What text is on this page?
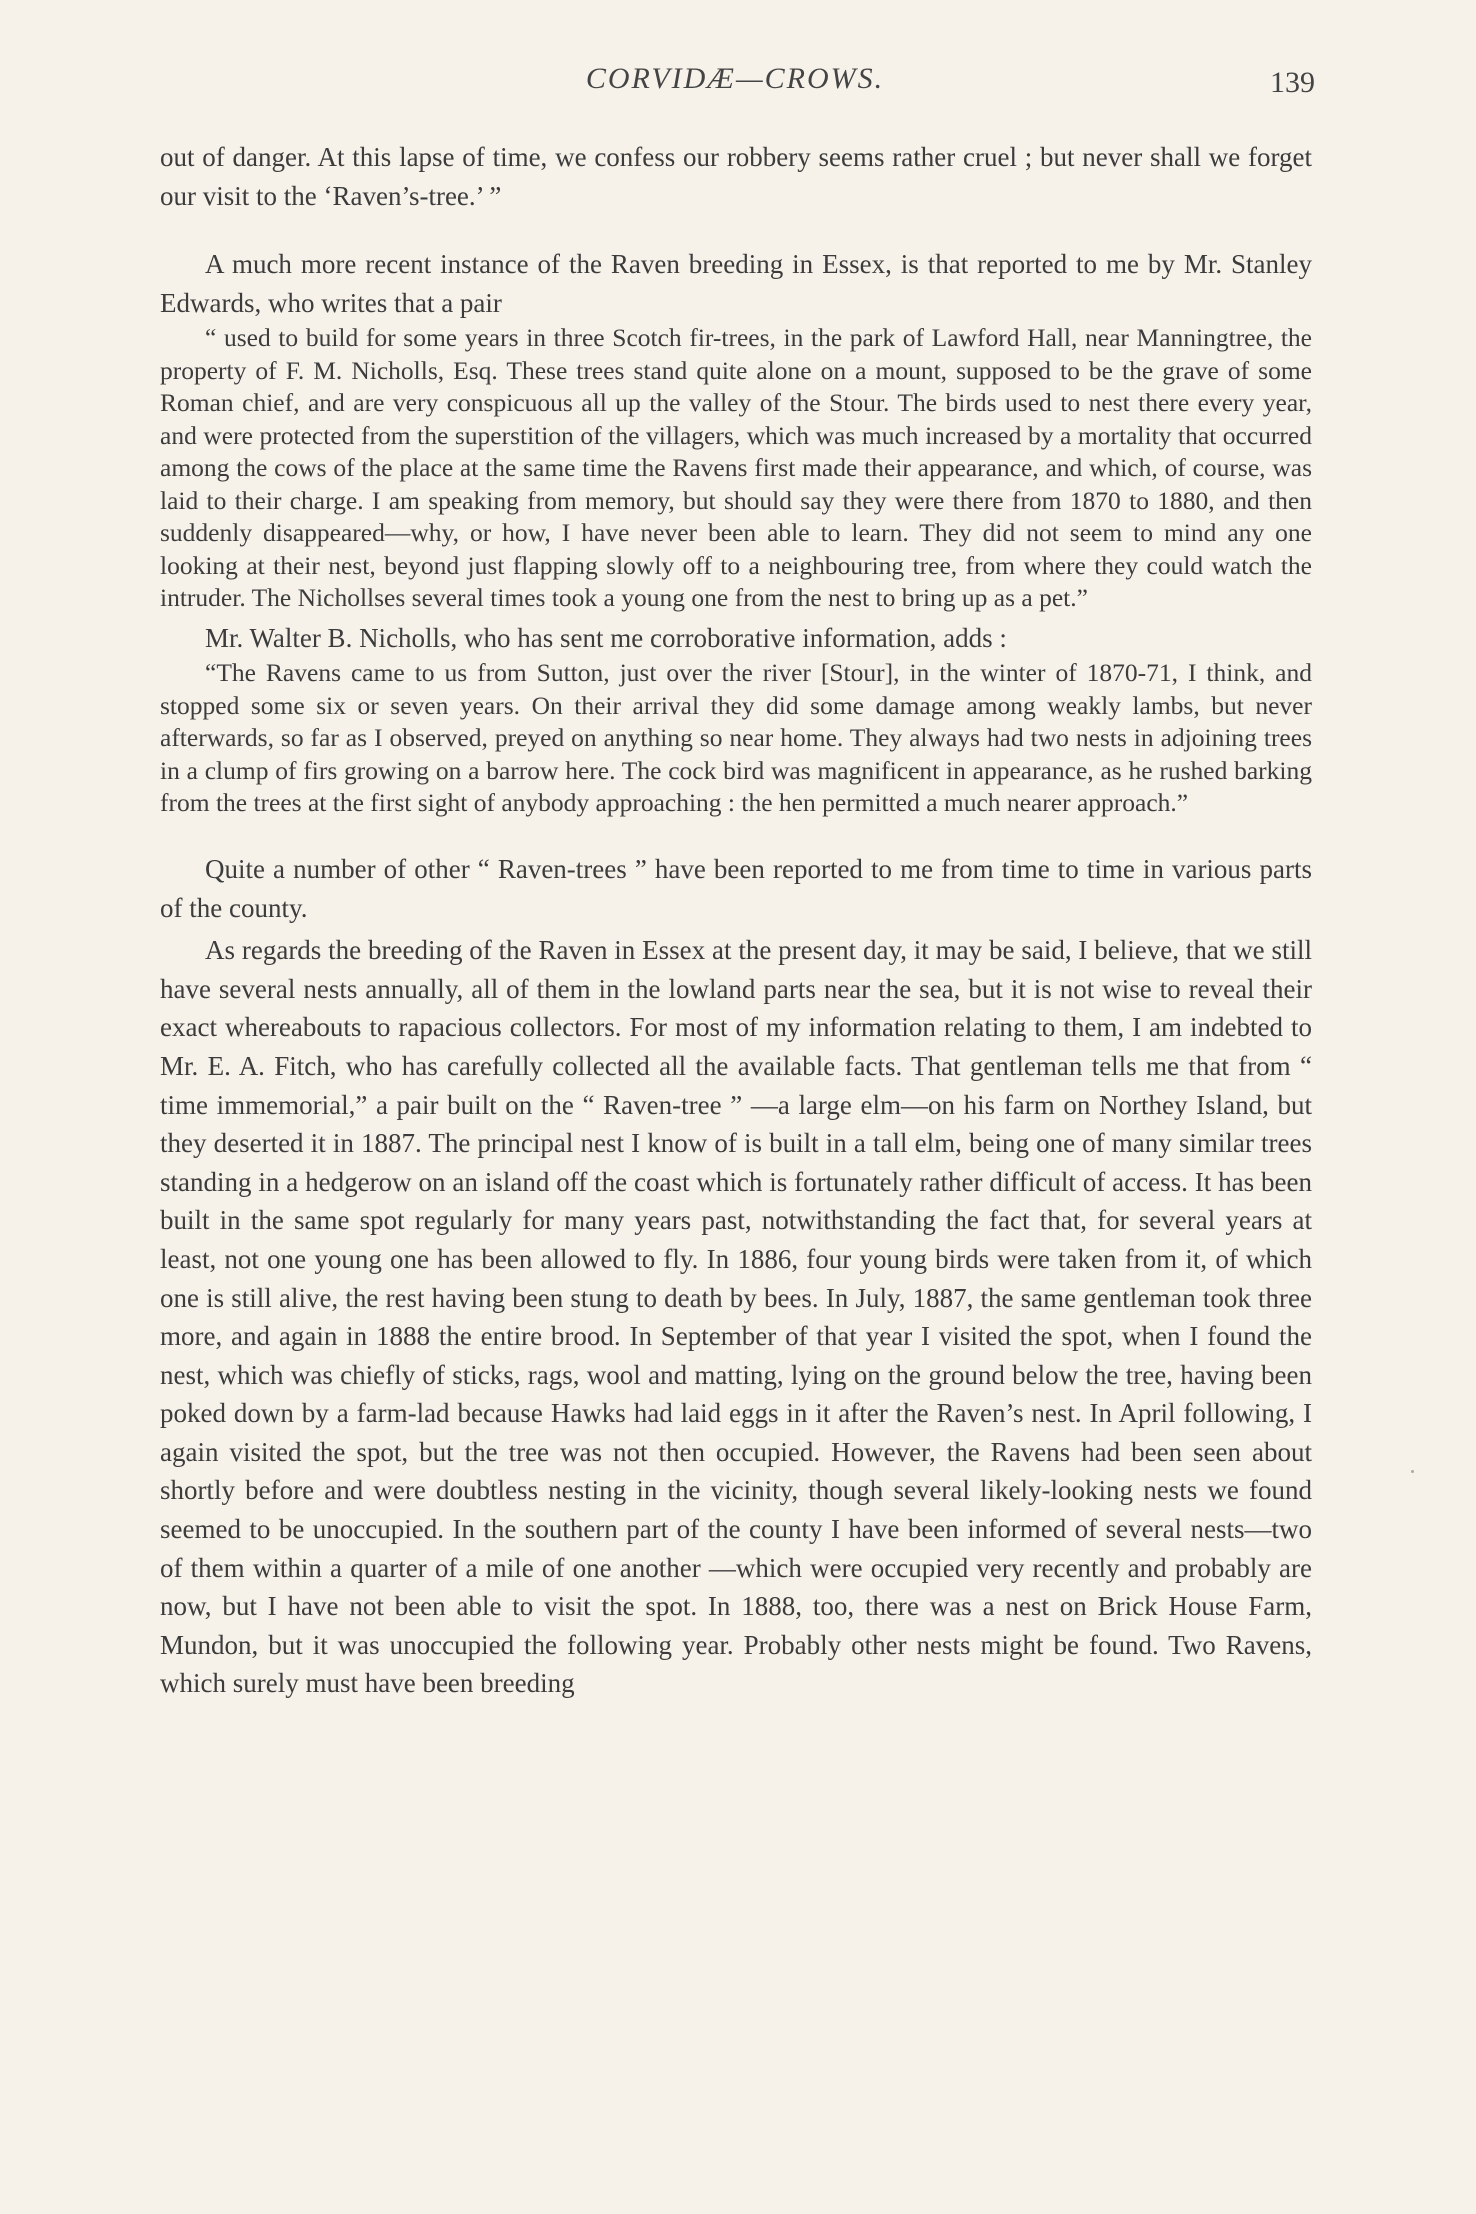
CORVIDÆ—CROWS.	139

out of danger. At this lapse of time, we confess our robbery seems rather cruel ; but never shall we forget our visit to the ‘Raven’s-tree.’ ”

A much more recent instance of the Raven breeding in Essex, is that reported to me by Mr. Stanley Edwards, who writes that a pair

“ used to build for some years in three Scotch fir-trees, in the park of Lawford Hall, near Manningtree, the property of F. M. Nicholls, Esq. These trees stand quite alone on a mount, supposed to be the grave of some Roman chief, and are very conspicuous all up the valley of the Stour. The birds used to nest there every year, and were protected from the superstition of the villagers, which was much increased by a mortality that occurred among the cows of the place at the same time the Ravens first made their appearance, and which, of course, was laid to their charge. I am speaking from memory, but should say they were there from 1870 to 1880, and then suddenly disappeared—why, or how, I have never been able to learn. They did not seem to mind any one looking at their nest, beyond just flapping slowly off to a neighbouring tree, from where they could watch the intruder. The Nichollses several times took a young one from the nest to bring up as a pet.”

Mr. Walter B. Nicholls, who has sent me corroborative information, adds :

“The Ravens came to us from Sutton, just over the river [Stour], in the winter of 1870-71, I think, and stopped some six or seven years. On their arrival they did some damage among weakly lambs, but never afterwards, so far as I observed, preyed on anything so near home. They always had two nests in adjoining trees in a clump of firs growing on a barrow here. The cock bird was magnificent in appearance, as he rushed barking from the trees at the first sight of anybody approaching : the hen permitted a much nearer approach.”

Quite a number of other “ Raven-trees ” have been reported to me from time to time in various parts of the county.

As regards the breeding of the Raven in Essex at the present day, it may be said, I believe, that we still have several nests annually, all of them in the lowland parts near the sea, but it is not wise to reveal their exact whereabouts to rapacious collectors. For most of my information relating to them, I am indebted to Mr. E. A. Fitch, who has carefully collected all the available facts. That gentleman tells me that from “ time immemorial,” a pair built on the “ Raven-tree ” —a large elm—on his farm on Northey Island, but they deserted it in 1887. The principal nest I know of is built in a tall elm, being one of many similar trees standing in a hedgerow on an island off the coast which is fortunately rather difficult of access. It has been built in the same spot regularly for many years past, notwithstanding the fact that, for several years at least, not one young one has been allowed to fly. In 1886, four young birds were taken from it, of which one is still alive, the rest having been stung to death by bees. In July, 1887, the same gentleman took three more, and again in 1888 the entire brood. In September of that year I visited the spot, when I found the nest, which was chiefly of sticks, rags, wool and matting, lying on the ground below the tree, having been poked down by a farm-lad because Hawks had laid eggs in it after the Raven’s nest. In April following, I again visited the spot, but the tree was not then occupied. However, the Ravens had been seen about shortly before and were doubtless nesting in the vicinity, though several likely-looking nests we found seemed to be unoccupied. In the southern part of the county I have been informed of several nests—two of them within a quarter of a mile of one another —which were occupied very recently and probably are now, but I have not been able to visit the spot. In 1888, too, there was a nest on Brick House Farm, Mundon, but it was unoccupied the following year. Probably other nests might be found. Two Ravens, which surely must have been breeding
